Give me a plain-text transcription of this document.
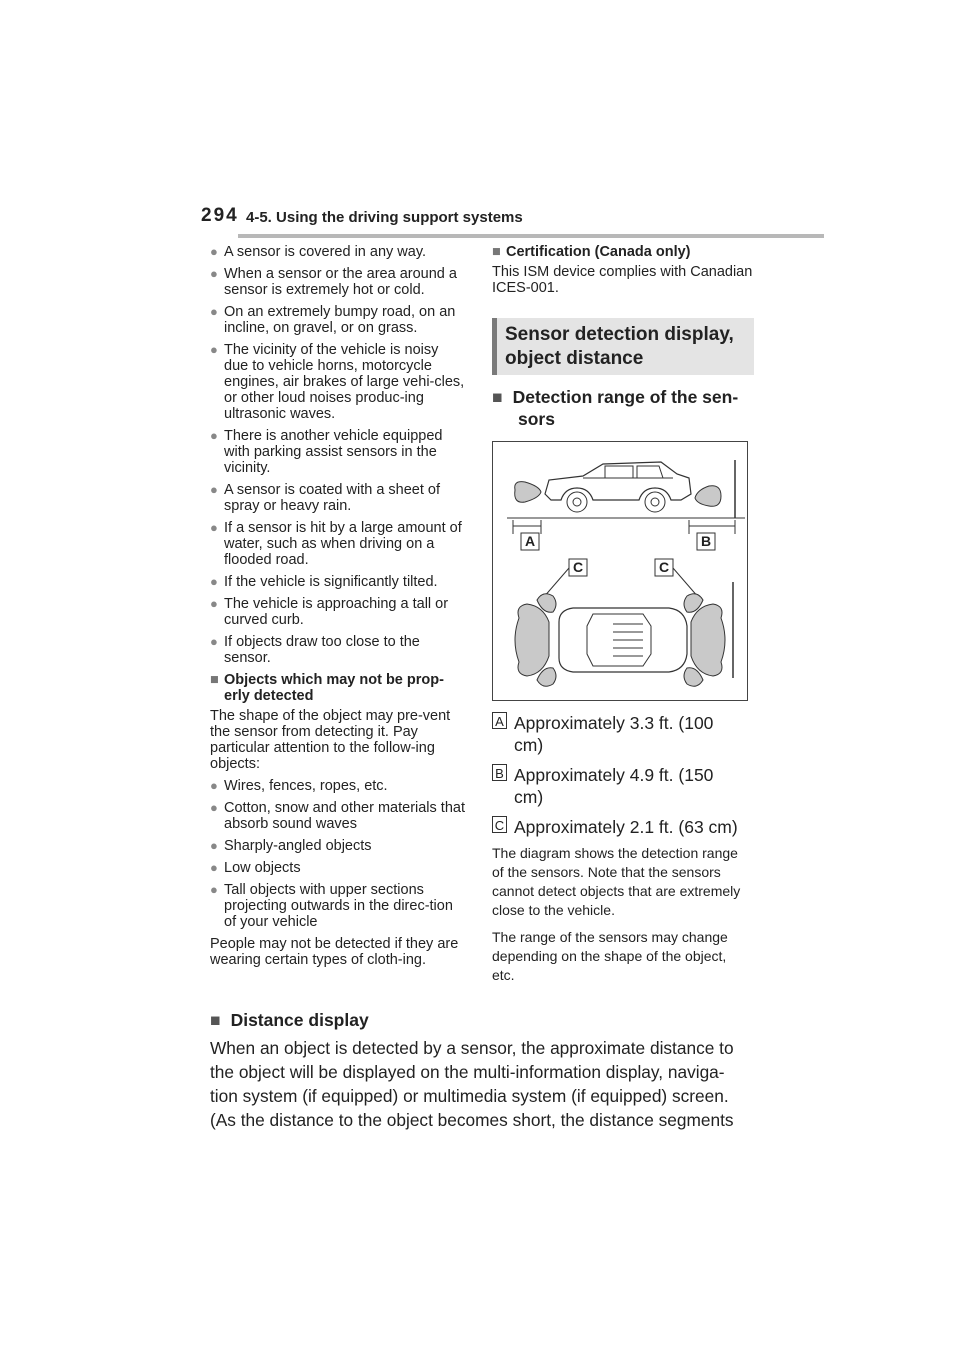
294 4-5. Using the driving support systems
● A sensor is covered in any way.
● When a sensor or the area around a sensor is extremely hot or cold.
● On an extremely bumpy road, on an incline, on gravel, or on grass.
● The vicinity of the vehicle is noisy due to vehicle horns, motorcycle engines, air brakes of large vehi-cles, or other loud noises produc-ing ultrasonic waves.
● There is another vehicle equipped with parking assist sensors in the vicinity.
● A sensor is coated with a sheet of spray or heavy rain.
● If a sensor is hit by a large amount of water, such as when driving on a flooded road.
● If the vehicle is significantly tilted.
● The vehicle is approaching a tall or curved curb.
● If objects draw too close to the sensor.
■ Objects which may not be prop-erly detected

The shape of the object may pre-vent the sensor from detecting it. Pay particular attention to the follow-ing objects:

● Wires, fences, ropes, etc.
● Cotton, snow and other materials that absorb sound waves
● Sharply-angled objects
● Low objects
● Tall objects with upper sections projecting outwards in the direc-tion of your vehicle

People may not be detected if they are wearing certain types of cloth-ing.

■ Certification (Canada only)

This ISM device complies with Canadian ICES-001.

Sensor detection display,
object distance
■ Detection range of the sen-
sors
A	B
C	C
A Approximately 3.3 ft. (100 cm)
B Approximately 4.9 ft. (150 cm)
C Approximately 2.1 ft. (63 cm)

The diagram shows the detection range of the sensors. Note that the sensors cannot detect objects that are extremely close to the vehicle.

The range of the sensors may change depending on the shape of the object, etc.

■ Distance display

When an object is detected by a sensor, the approximate distance to the object will be displayed on the multi-information display, naviga-tion system (if equipped) or multimedia system (if equipped) screen. (As the distance to the object becomes short, the distance segments
